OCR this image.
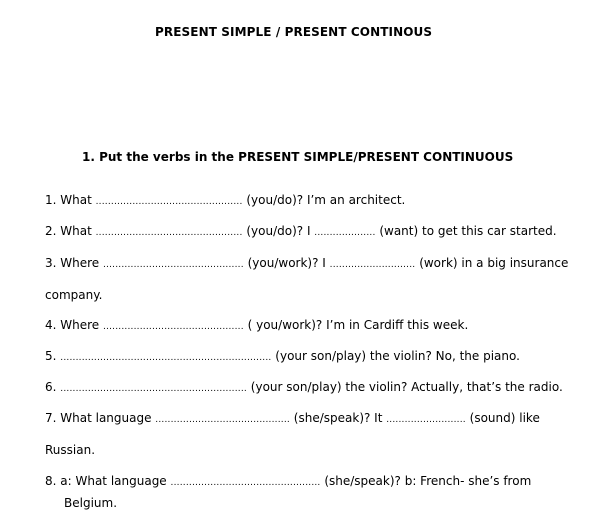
PRESENT SIMPLE / PRESENT CONTINOUS
1. Put the verbs in the PRESENT SIMPLE/PRESENT CONTINUOUS
1. What ................................................ (you/do)? I’m an architect.
2. What ................................................ (you/do)? I .................... (want) to get this car started.
3. Where .............................................. (you/work)? I ............................ (work) in a big insurance
company.
4. Where .............................................. ( you/work)? I’m in Cardiff this week.
5. ..................................................................... (your son/play) the violin? No, the piano.
6. ............................................................. (your son/play) the violin? Actually, that’s the radio.
7. What language ............................................ (she/speak)? It .......................... (sound) like
Russian.
8. a: What language ................................................. (she/speak)? b: French- she’s from
Belgium.
